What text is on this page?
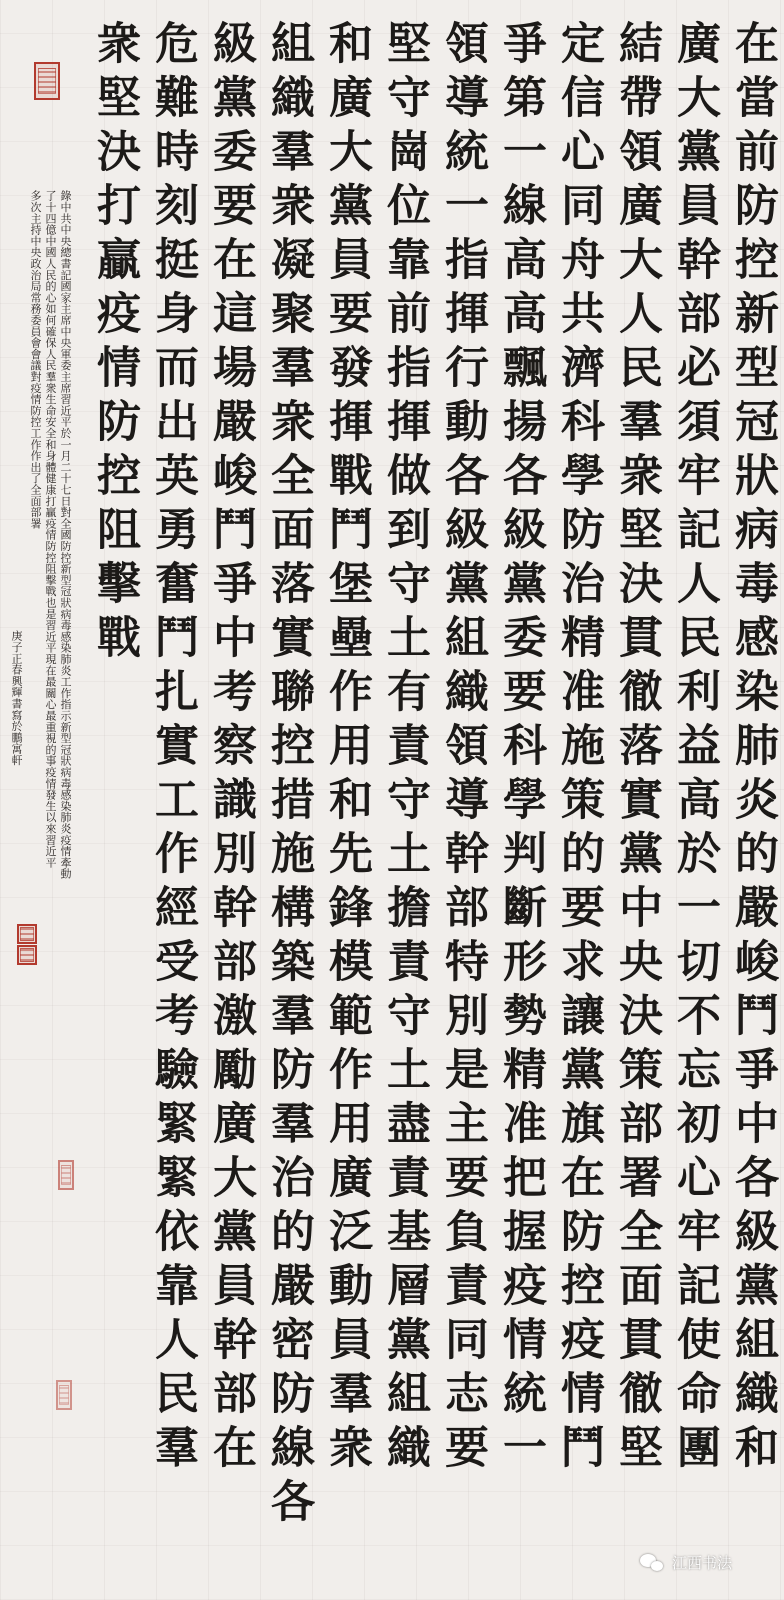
在當前防控新型冠狀病毒感染肺炎的嚴峻鬥爭中各級黨組織和
廣大黨員幹部必須牢記人民利益高於一切不忘初心牢記使命團
結帶領廣大人民羣衆堅決貫徹落實黨中央決策部署全面貫徹堅
定信心同舟共濟科學防治精准施策的要求讓黨旗在防控疫情鬥
爭第一線高高飄揚各級黨委要科學判斷形勢精准把握疫情統一
領導統一指揮行動各級黨組織領導幹部特別是主要負責同志要
堅守崗位靠前指揮做到守土有責守土擔責守土盡責基層黨組織
和廣大黨員要發揮戰鬥堡壘作用和先鋒模範作用廣泛動員羣衆
組織羣衆凝聚羣衆全面落實聯控措施構築羣防羣治的嚴密防線各
級黨委要在這場嚴峻鬥爭中考察識別幹部激勵廣大黨員幹部在
危難時刻挺身而出英勇奮鬥扎實工作經受考驗緊緊依靠人民羣
衆堅決打贏疫情防控阻擊戰
錄中共中央總書記國家主席中央軍委主席習近平於一月二十七日對全國防控新型冠狀病毒感染肺炎工作指示新型冠狀病毒感染肺炎疫情牽動
了十四億中國人民的心如何確保人民羣衆生命安全和身體健康打贏疫情防控阻擊戰也是習近平現在最關心最重視的事疫情發生以來習近平
多次主持中央政治局常務委員會會議對疫情防控工作作出了全面部署
庚子正春興輝書寫於鵬寓軒
江西书法
